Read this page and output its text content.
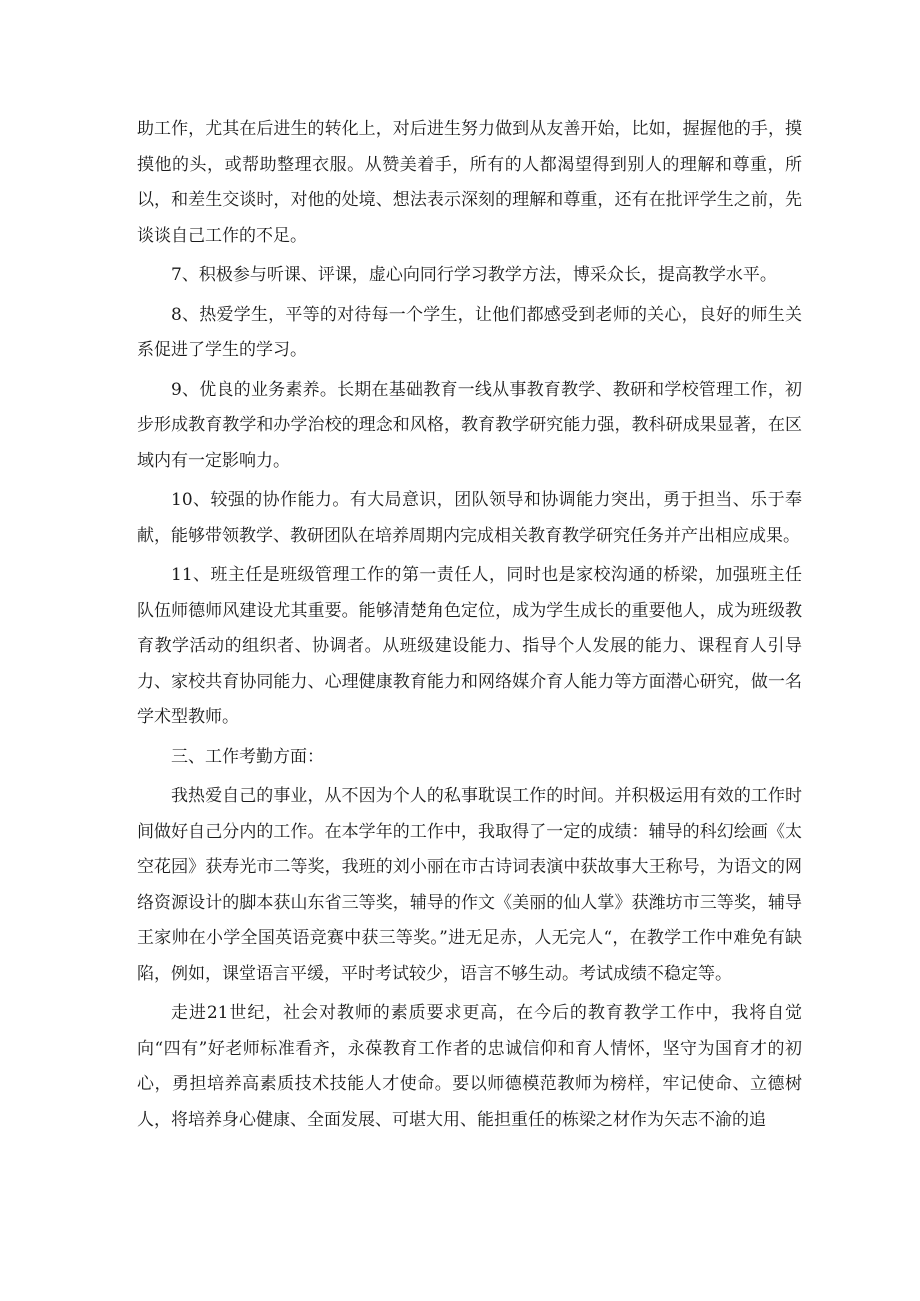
助工作，尤其在后进生的转化上，对后进生努力做到从友善开始，比如，握握他的手，摸摸他的头，或帮助整理衣服。从赞美着手，所有的人都渴望得到别人的理解和尊重，所以，和差生交谈时，对他的处境、想法表示深刻的理解和尊重，还有在批评学生之前，先谈谈自己工作的不足。

7、积极参与听课、评课，虚心向同行学习教学方法，博采众长，提高教学水平。

8、热爱学生，平等的对待每一个学生，让他们都感受到老师的关心，良好的师生关系促进了学生的学习。

9、优良的业务素养。长期在基础教育一线从事教育教学、教研和学校管理工作，初步形成教育教学和办学治校的理念和风格，教育教学研究能力强，教科研成果显著，在区域内有一定影响力。

10、较强的协作能力。有大局意识，团队领导和协调能力突出，勇于担当、乐于奉献，能够带领教学、教研团队在培养周期内完成相关教育教学研究任务并产出相应成果。

11、班主任是班级管理工作的第一责任人，同时也是家校沟通的桥梁，加强班主任队伍师德师风建设尤其重要。能够清楚角色定位，成为学生成长的重要他人，成为班级教育教学活动的组织者、协调者。从班级建设能力、指导个人发展的能力、课程育人引导力、家校共育协同能力、心理健康教育能力和网络媒介育人能力等方面潜心研究，做一名学术型教师。

三、工作考勤方面：

我热爱自己的事业，从不因为个人的私事耽误工作的时间。并积极运用有效的工作时间做好自己分内的工作。在本学年的工作中，我取得了一定的成绩：辅导的科幻绘画《太空花园》获寿光市二等奖，我班的刘小丽在市古诗词表演中获故事大王称号，为语文的网络资源设计的脚本获山东省三等奖，辅导的作文《美丽的仙人掌》获潍坊市三等奖，辅导王家帅在小学全国英语竞赛中获三等奖。”进无足赤，人无完人“，在教学工作中难免有缺陷，例如，课堂语言平缓，平时考试较少，语言不够生动。考试成绩不稳定等。

走进21世纪，社会对教师的素质要求更高，在今后的教育教学工作中，我将自觉向“四有”好老师标准看齐，永葆教育工作者的忠诚信仰和育人情怀，坚守为国育才的初心，勇担培养高素质技术技能人才使命。要以师德模范教师为榜样，牢记使命、立德树人，将培养身心健康、全面发展、可堪大用、能担重任的栋梁之材作为矢志不渝的追
